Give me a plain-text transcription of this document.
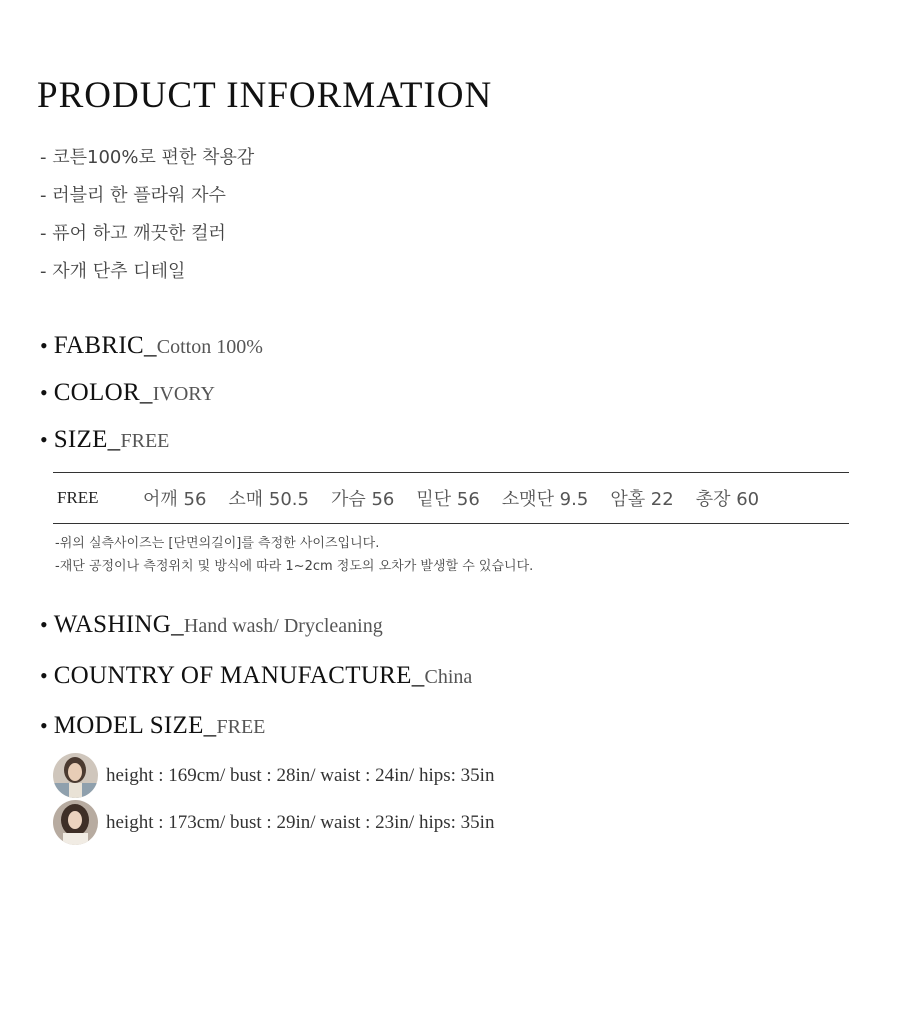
PRODUCT INFORMATION
- 코튼100%로 편한 착용감
- 러블리 한 플라워 자수
- 퓨어 하고 깨끗한 컬러
- 자개 단추 디테일
• FABRIC_Cotton 100%
• COLOR_IVORY
• SIZE_FREE
FREE	어깨 56 소매 50.5 가슴 56 밑단 56 소맷단 9.5 암홀 22 총장 60
-위의 실측사이즈는 [단면의길이]를 측정한 사이즈입니다.
-재단 공정이나 측정위치 및 방식에 따라 1~2cm 정도의 오차가 발생할 수 있습니다.
• WASHING_Hand wash/ Drycleaning
• COUNTRY OF MANUFACTURE_China
• MODEL SIZE_FREE
height : 169cm/ bust : 28in/ waist : 24in/ hips: 35in
height : 173cm/ bust : 29in/ waist : 23in/ hips: 35in
